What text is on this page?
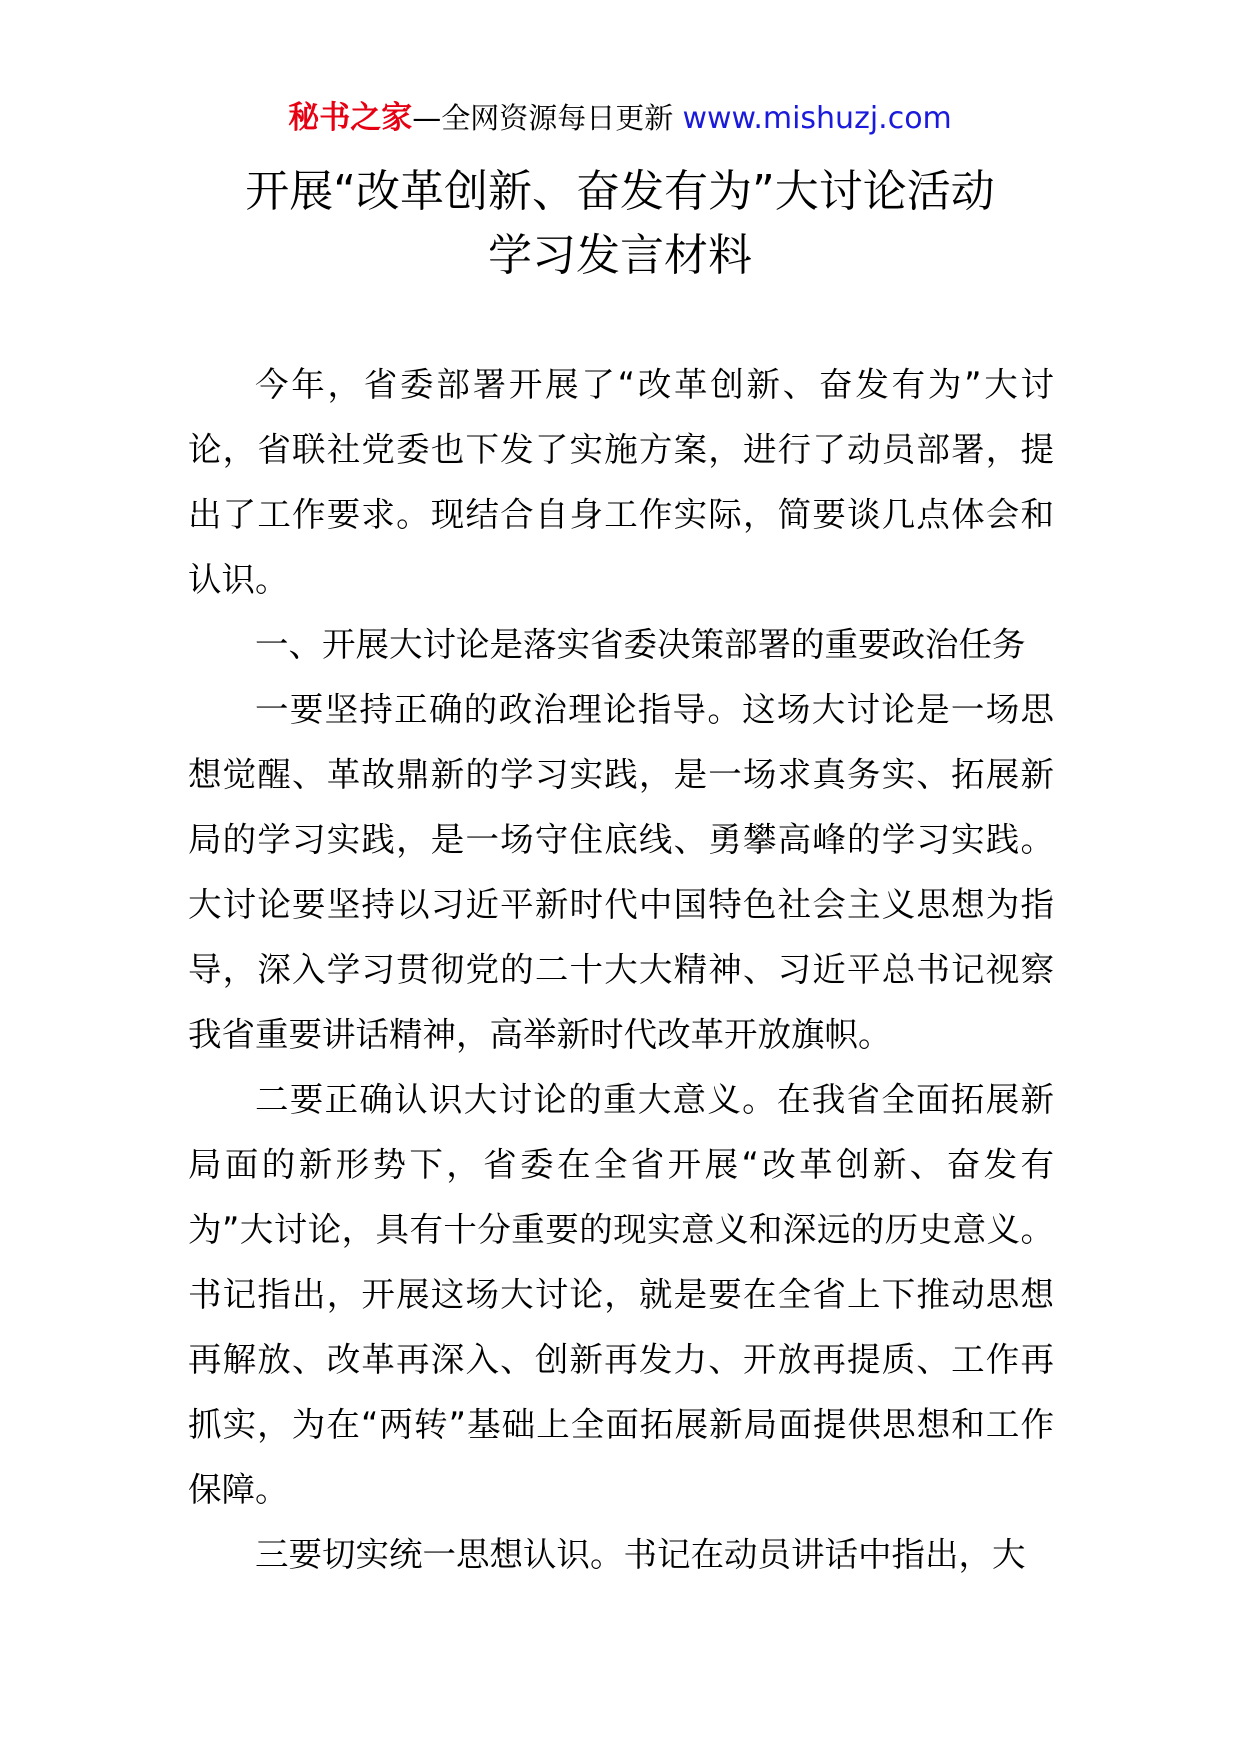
秘书之家—全网资源每日更新 www.mishuzj.com
开展“改革创新、奋发有为”大讨论活动
学习发言材料

今年，省委部署开展了“改革创新、奋发有为”大讨论，省联社党委也下发了实施方案，进行了动员部署，提出了工作要求。现结合自身工作实际，简要谈几点体会和认识。

一、开展大讨论是落实省委决策部署的重要政治任务

一要坚持正确的政治理论指导。这场大讨论是一场思想觉醒、革故鼎新的学习实践，是一场求真务实、拓展新局的学习实践，是一场守住底线、勇攀高峰的学习实践。大讨论要坚持以习近平新时代中国特色社会主义思想为指导，深入学习贯彻党的二十大大精神、习近平总书记视察我省重要讲话精神，高举新时代改革开放旗帜。

二要正确认识大讨论的重大意义。在我省全面拓展新局面的新形势下，省委在全省开展“改革创新、奋发有为”大讨论，具有十分重要的现实意义和深远的历史意义。书记指出，开展这场大讨论，就是要在全省上下推动思想再解放、改革再深入、创新再发力、开放再提质、工作再抓实，为在“两转”基础上全面拓展新局面提供思想和工作保障。

三要切实统一思想认识。书记在动员讲话中指出，大
